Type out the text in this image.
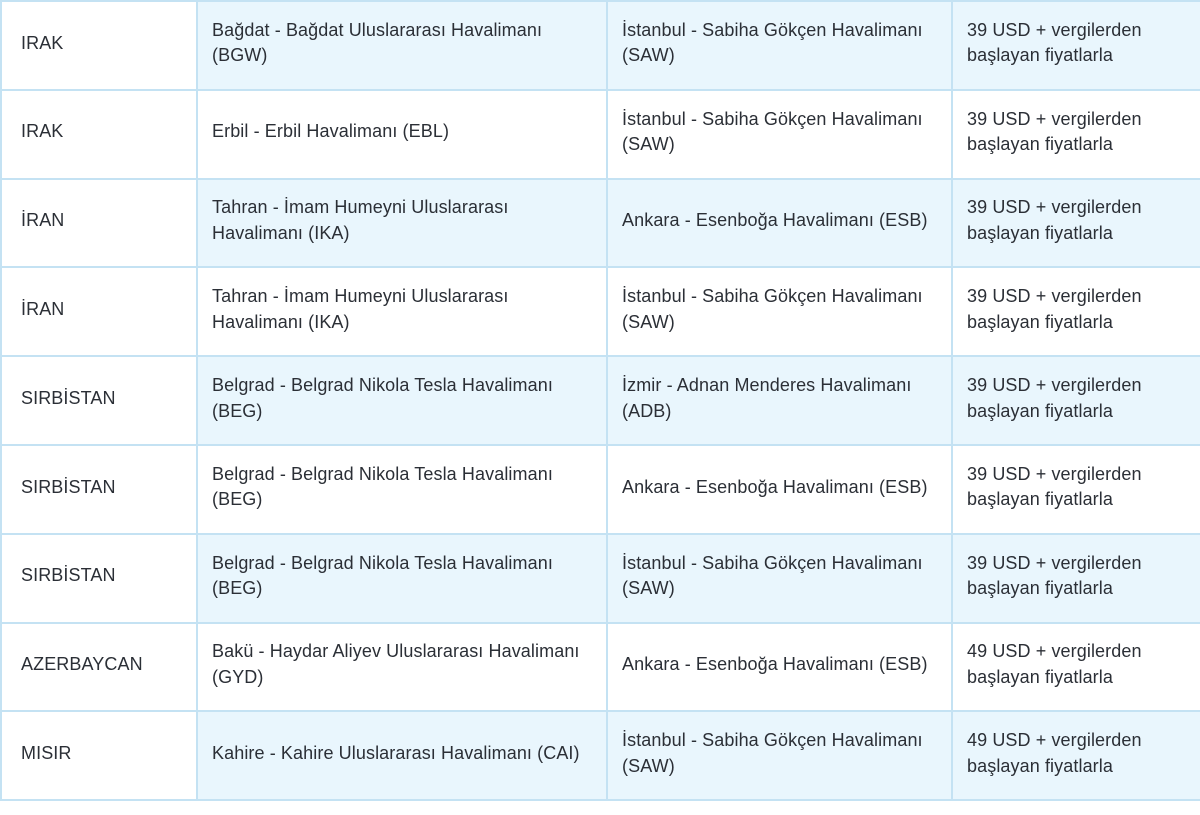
IRAK	Bağdat - Bağdat Uluslararası Havalimanı (BGW)	İstanbul - Sabiha Gökçen Havalimanı (SAW)	39 USD + vergilerden başlayan fiyatlarla

IRAK	Erbil - Erbil Havalimanı (EBL)	İstanbul - Sabiha Gökçen Havalimanı (SAW)	39 USD + vergilerden başlayan fiyatlarla

İRAN	Tahran - İmam Humeyni Uluslararası Havalimanı (IKA)	Ankara - Esenboğa Havalimanı (ESB)	39 USD + vergilerden başlayan fiyatlarla

İRAN	Tahran - İmam Humeyni Uluslararası Havalimanı (IKA)	İstanbul - Sabiha Gökçen Havalimanı (SAW)	39 USD + vergilerden başlayan fiyatlarla

SIRBİSTAN	Belgrad - Belgrad Nikola Tesla Havalimanı (BEG)	İzmir - Adnan Menderes Havalimanı (ADB)	39 USD + vergilerden başlayan fiyatlarla

SIRBİSTAN	Belgrad - Belgrad Nikola Tesla Havalimanı (BEG)	Ankara - Esenboğa Havalimanı (ESB)	39 USD + vergilerden başlayan fiyatlarla

SIRBİSTAN	Belgrad - Belgrad Nikola Tesla Havalimanı (BEG)	İstanbul - Sabiha Gökçen Havalimanı (SAW)	39 USD + vergilerden başlayan fiyatlarla

AZERBAYCAN	Bakü - Haydar Aliyev Uluslararası Havalimanı (GYD)	Ankara - Esenboğa Havalimanı (ESB)	49 USD + vergilerden başlayan fiyatlarla

MISIR	Kahire - Kahire Uluslararası Havalimanı (CAI)	İstanbul - Sabiha Gökçen Havalimanı (SAW)	49 USD + vergilerden başlayan fiyatlarla
